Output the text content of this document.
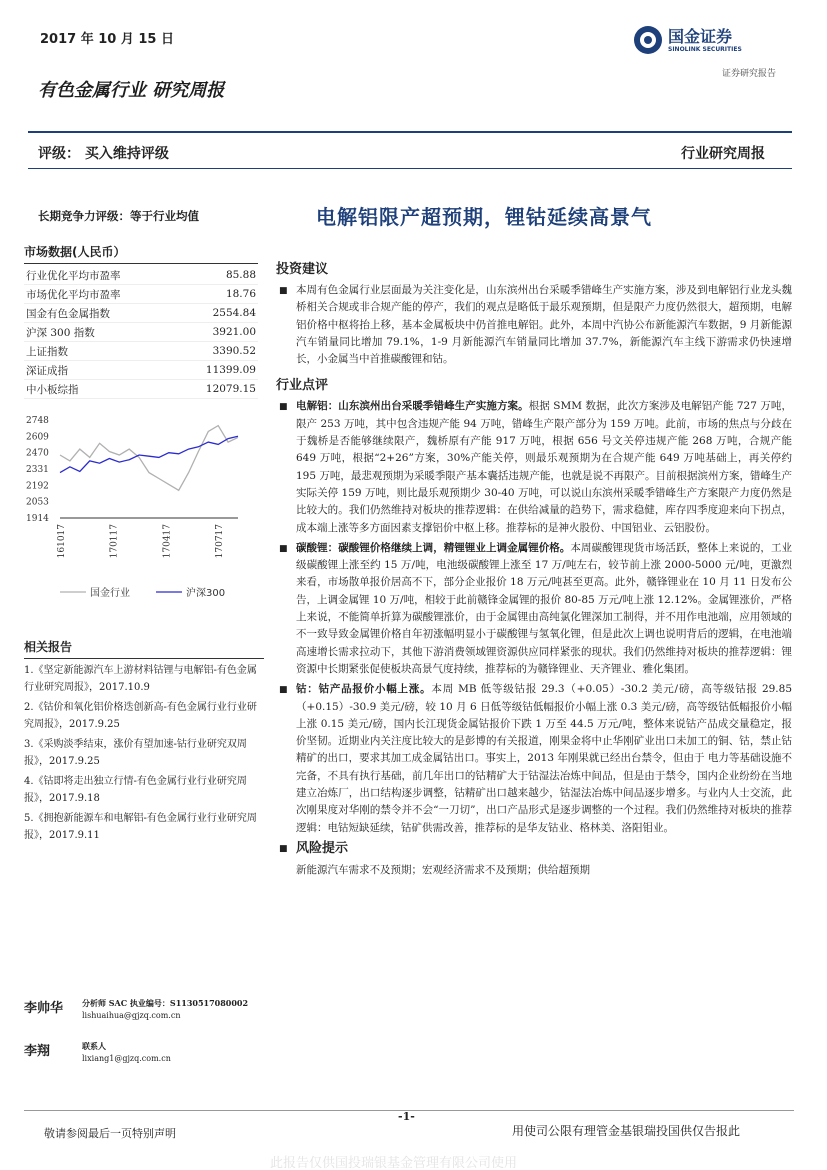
2017 年 10 月 15 日	国金证券
SINOLINK SECURITIES
证券研究报告
有色金属行业 研究周报
评级： 买入维持评级	行业研究周报
长期竞争力评级：等于行业均值	电解铝限产超预期，锂钴延续高景气
市场数据(人民币）
行业优化平均市盈率	85.88
市场优化平均市盈率	18.76
国金有色金属指数	2554.84
沪深 300 指数	3921.00
上证指数	3390.52
深证成指	11399.09
中小板综指	12079.15
2748
2609
2470
2331
2192
2053
1914
161017	170117	170417	170717
国金行业	沪深300
相关报告
1.《坚定新能源汽车上游材料钴锂与电解铝-有色金属行业研究周报》，2017.10.9
2.《钴价和氧化铝价格迭创新高-有色金属行业行业研究周报》，2017.9.25
3.《采购淡季结束，涨价有望加速-钴行业研究双周报》，2017.9.25
4.《钴即将走出独立行情-有色金属行业行业研究周报》，2017.9.18
5.《拥抱新能源车和电解铝-有色金属行业行业研究周报》，2017.9.11
李帅华	分析师 SAC 执业编号：S1130517080002
lishuaihua@gjzq.com.cn
李翔	联系人
lixiang1@gjzq.com.cn
投资建议
■ 本周有色金属行业层面最为关注变化是，山东滨州出台采暖季错峰生产实施方案，涉及到电解铝行业龙头魏桥相关合规或非合规产能的停产，我们的观点是略低于最乐观预期，但是限产力度仍然很大，超预期，电解铝价格中枢将抬上移，基本金属板块中仍首推电解铝。此外，本周中汽协公布新能源汽车数据，9 月新能源汽车销量同比增加 79.1%，1-9 月新能源汽车销量同比增加 37.7%，新能源汽车主线下游需求仍快速增长，小金属当中首推碳酸锂和钴。
行业点评
■ 电解铝：山东滨州出台采暖季错峰生产实施方案。根据 SMM 数据，此次方案涉及电解铝产能 727 万吨，限产 253 万吨，其中包含违规产能 94 万吨，错峰生产限产部分为 159 万吨。此前，市场的焦点与分歧在于魏桥是否能够继续限产，魏桥原有产能 917 万吨，根据 656 号文关停违规产能 268 万吨，合规产能 649 万吨，根据“2+26”方案，30%产能关停，则最乐观预期为在合规产能 649 万吨基础上，再关停约 195 万吨，最悲观预期为采暖季限产基本囊括违规产能，也就是说不再限产。目前根据滨州方案，错峰生产实际关停 159 万吨，则比最乐观预期少 30-40 万吨，可以说山东滨州采暖季错峰生产方案限产力度仍然是比较大的。我们仍然维持对板块的推荐逻辑：在供给减量的趋势下，需求稳健，库存四季度迎来向下拐点，成本端上涨等多方面因素支撑铝价中枢上移。推荐标的是神火股份、中国铝业、云铝股份。
■ 碳酸锂：碳酸锂价格继续上调，精锂锂业上调金属锂价格。本周碳酸锂现货市场活跃，整体上来说的，工业级碳酸锂上涨至约 15 万/吨，电池级碳酸锂上涨至 17 万/吨左右，较节前上涨 2000-5000 元/吨，更激烈来看，市场散单报价居高不下，部分企业报价 18 万元/吨甚至更高。此外，赣锋锂业在 10 月 11 日发布公告，上调金属锂 10 万/吨，相较于此前赣锋金属锂的报价 80-85 万元/吨上涨 12.12%。金属锂涨价，严格上来说，不能简单折算为碳酸锂涨价，由于金属锂由高纯氯化锂深加工制得，并不用作电池端，应用领域的不一致导致金属锂价格自年初涨幅明显小于碳酸锂与氢氧化锂，但是此次上调也说明背后的逻辑，在电池端高速增长需求拉动下，其他下游消费领域锂资源供应同样紧张的现状。我们仍然维持对板块的推荐逻辑：锂资源中长期紧张促使板块高景气度持续，推荐标的为赣锋锂业、天齐锂业、雅化集团。
■ 钴：钴产品报价小幅上涨。本周 MB 低等级钴报 29.3（+0.05）-30.2 美元/磅，高等级钴报 29.85（+0.15）-30.9 美元/磅，较 10 月 6 日低等级钴低幅报价小幅上涨 0.3 美元/磅，高等级钴低幅报价小幅上涨 0.15 美元/磅，国内长江现货金属钴报价下跌 1 万至 44.5 万元/吨，整体来说钴产品成交量稳定，报价坚韧。近期业内关注度比较大的是彭博的有关报道，刚果金将中止华刚矿业出口未加工的铜、钴，禁止钴精矿的出口，要求其加工成金属钴出口。事实上，2013 年刚果就已经出台禁令，但由于 电力等基础设施不完备，不具有执行基础，前几年出口的钴精矿大于钴湿法冶炼中间品，但是由于禁令，国内企业纷纷在当地建立冶炼厂，出口结构逐步调整，钴精矿出口越来越少，钴湿法冶炼中间品逐步增多。与业内人士交流，此次刚果度对华刚的禁令并不会“一刀切”，出口产品形式是逐步调整的一个过程。我们仍然维持对板块的推荐逻辑：电钴短缺延续，钴矿供需改善，推荐标的是华友钴业、格林美、洛阳钼业。
■ 风险提示
新能源汽车需求不及预期；宏观经济需求不及预期；供给超预期
-1-
敬请参阅最后一页特别声明	用使司公限有理管金基银瑞投国供仅告报此
此报告仅供国投瑞银基金管理有限公司使用
